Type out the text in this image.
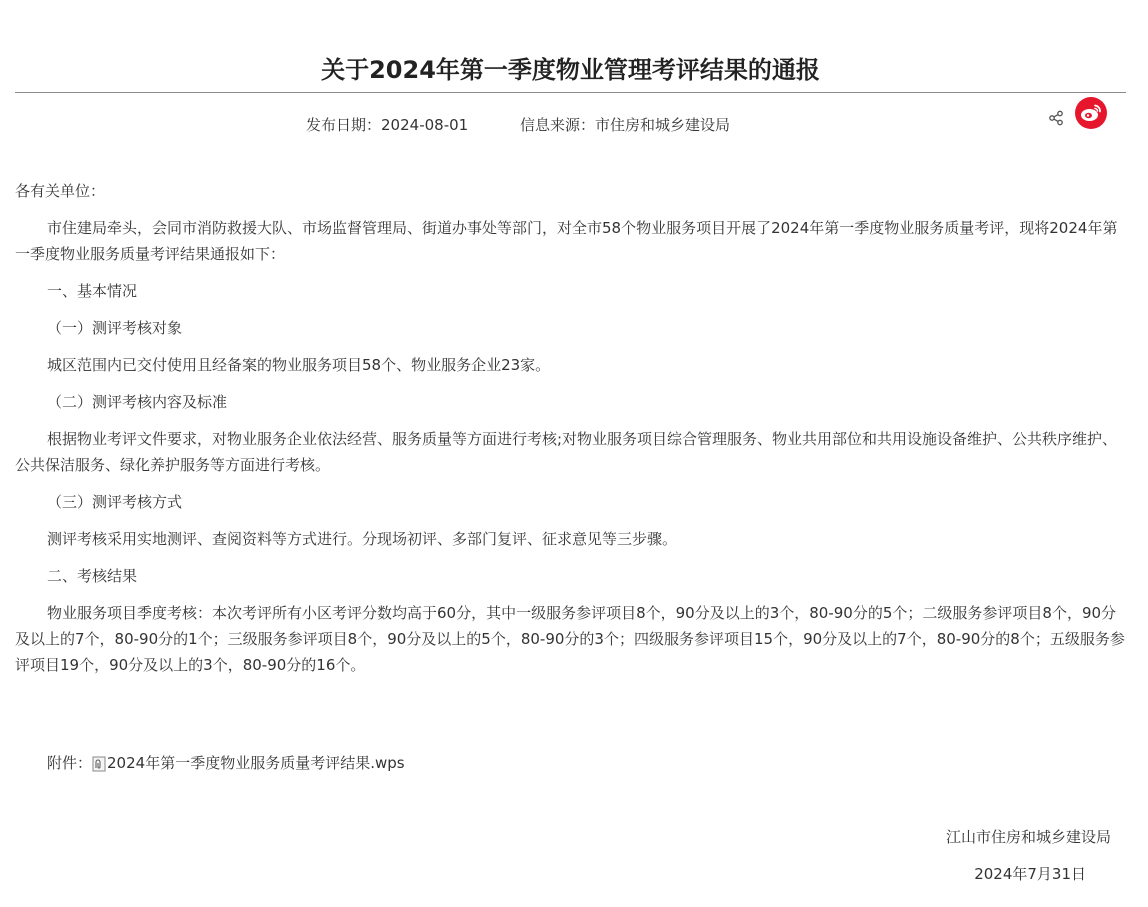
关于2024年第一季度物业管理考评结果的通报
发布日期：2024-08-01	信息来源：市住房和城乡建设局

各有关单位：

市住建局牵头，会同市消防救援大队、市场监督管理局、街道办事处等部门，对全市58个物业服务项目开展了2024年第一季度物业服务质量考评，现将2024年第一季度物业服务质量考评结果通报如下：

一、基本情况

（一）测评考核对象

城区范围内已交付使用且经备案的物业服务项目58个、物业服务企业23家。

（二）测评考核内容及标准

根据物业考评文件要求，对物业服务企业依法经营、服务质量等方面进行考核;对物业服务项目综合管理服务、物业共用部位和共用设施设备维护、公共秩序维护、公共保洁服务、绿化养护服务等方面进行考核。

（三）测评考核方式

测评考核采用实地测评、查阅资料等方式进行。分现场初评、多部门复评、征求意见等三步骤。

二、考核结果

物业服务项目季度考核：本次考评所有小区考评分数均高于60分，其中一级服务参评项目8个，90分及以上的3个，80-90分的5个；二级服务参评项目8个，90分及以上的7个，80-90分的1个；三级服务参评项目8个，90分及以上的5个，80-90分的3个；四级服务参评项目15个，90分及以上的7个，80-90分的8个；五级服务参评项目19个，90分及以上的3个，80-90分的16个。

附件： 2024年第一季度物业服务质量考评结果.wps
江山市住房和城乡建设局
2024年7月31日
